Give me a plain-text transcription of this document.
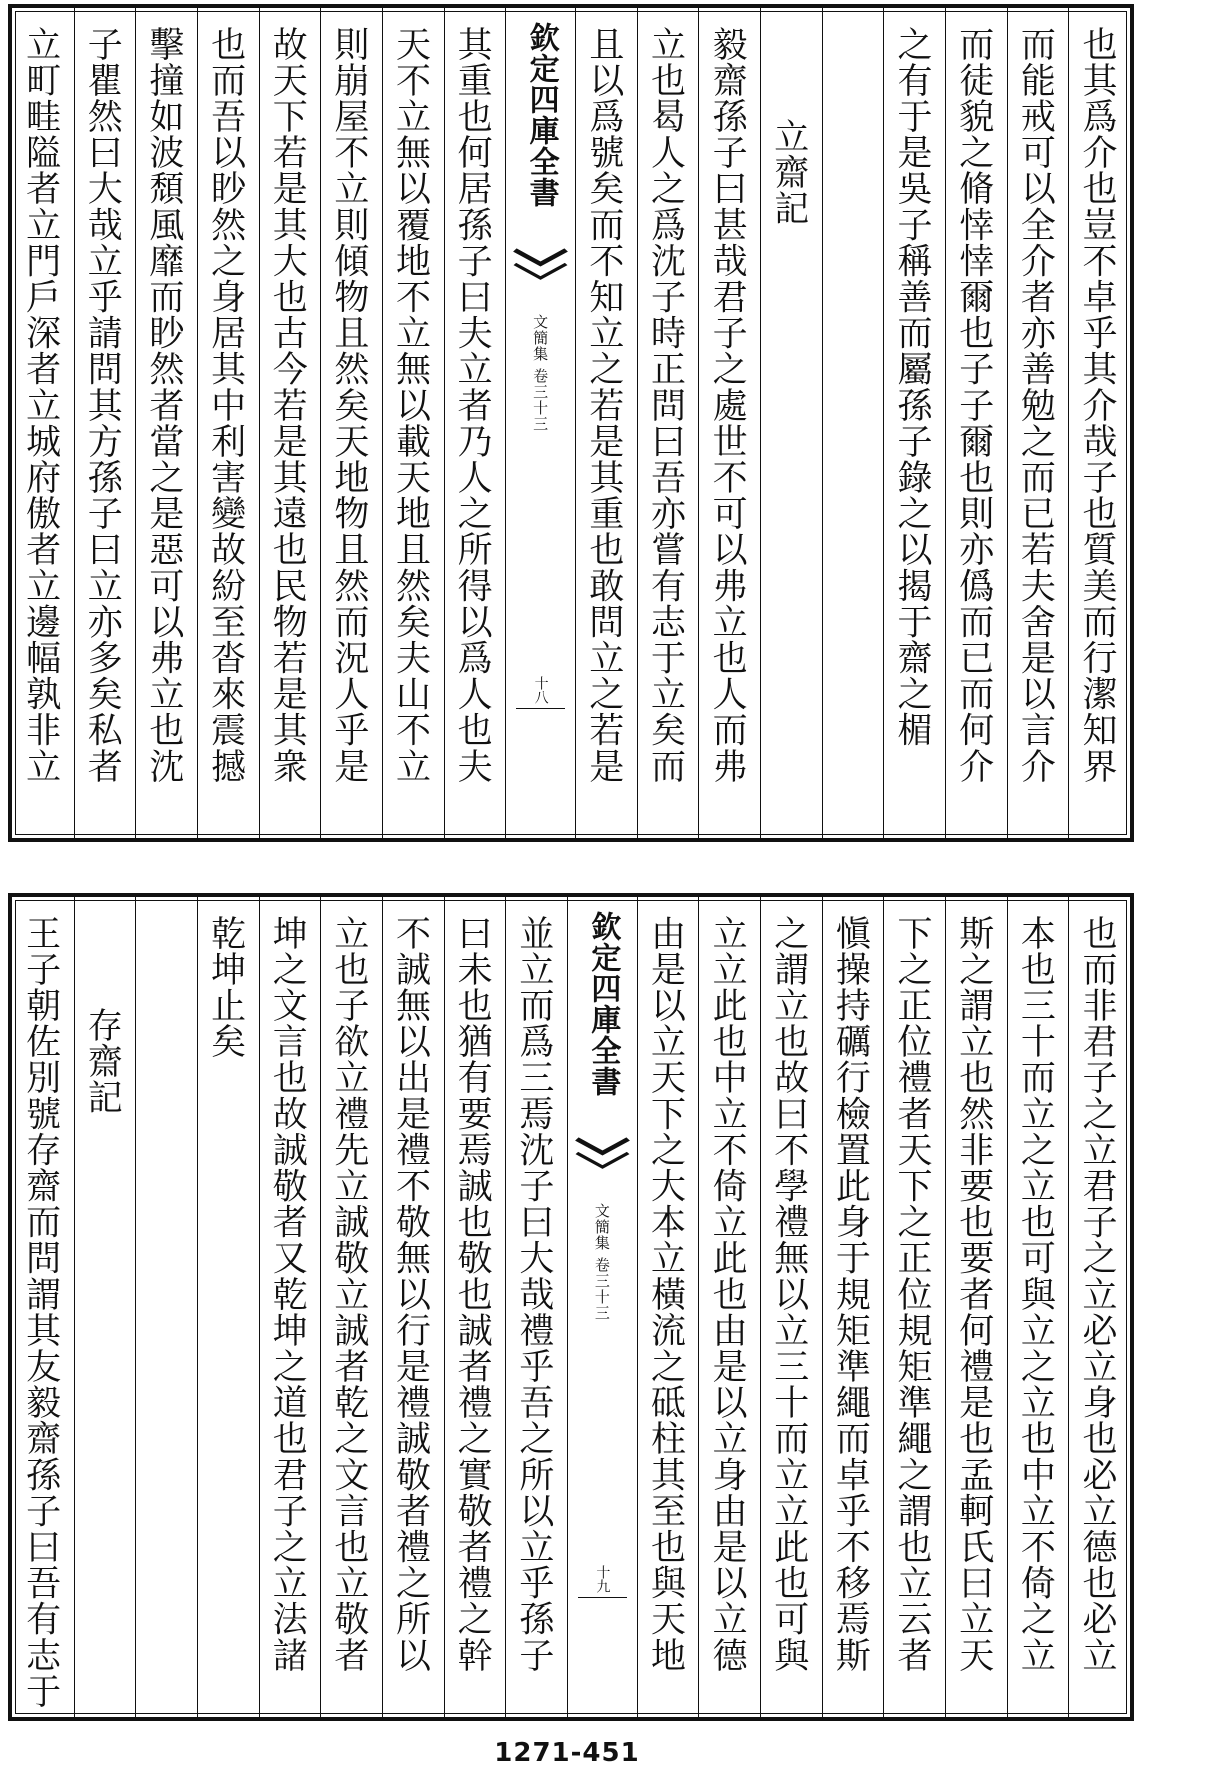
也其爲介也豈不卓乎其介哉子也質美而行潔知界
而能戒可以全介者亦善勉之而已若夫舍是以言介
而徒貌之脩悻悻爾也子子爾也則亦僞而已而何介
之有于是吳子稱善而屬孫子錄之以揭于齋之楣
立齋記
毅齋孫子曰甚哉君子之處世不可以弗立也人而弗
立也曷人之爲沈子時正問曰吾亦嘗有志于立矣而
且以爲號矣而不知立之若是其重也敢問立之若是
欽定四庫全書
文簡集 卷三十三
十八
其重也何居孫子曰夫立者乃人之所得以爲人也夫
天不立無以覆地不立無以載天地且然矣夫山不立
則崩屋不立則傾物且然矣天地物且然而況人乎是
故天下若是其大也古今若是其遠也民物若是其衆
也而吾以眇然之身居其中利害變故紛至沓來震撼
擊撞如波頹風靡而眇然者當之是惡可以弗立也沈
子瞿然曰大哉立乎請問其方孫子曰立亦多矣私者
立町畦隘者立門戶深者立城府傲者立邊幅孰非立
也而非君子之立君子之立必立身也必立德也必立
本也三十而立之立也可與立之立也中立不倚之立
斯之謂立也然非要也要者何禮是也孟軻氏曰立天
下之正位禮者天下之正位規矩準繩之謂也立云者
愼操持礪行檢置此身于規矩準繩而卓乎不移焉斯
之謂立也故曰不學禮無以立三十而立立此也可與
立立此也中立不倚立此也由是以立身由是以立德
由是以立天下之大本立橫流之砥柱其至也與天地
欽定四庫全書
文簡集 卷三十三
十九
並立而爲三焉沈子曰大哉禮乎吾之所以立乎孫子
曰未也猶有要焉誠也敬也誠者禮之實敬者禮之幹
不誠無以出是禮不敬無以行是禮誠敬者禮之所以
立也子欲立禮先立誠敬立誠者乾之文言也立敬者
坤之文言也故誠敬者又乾坤之道也君子之立法諸
乾坤止矣
存齋記
王子朝佐別號存齋而問謂其友毅齋孫子曰吾有志于
1271-451
